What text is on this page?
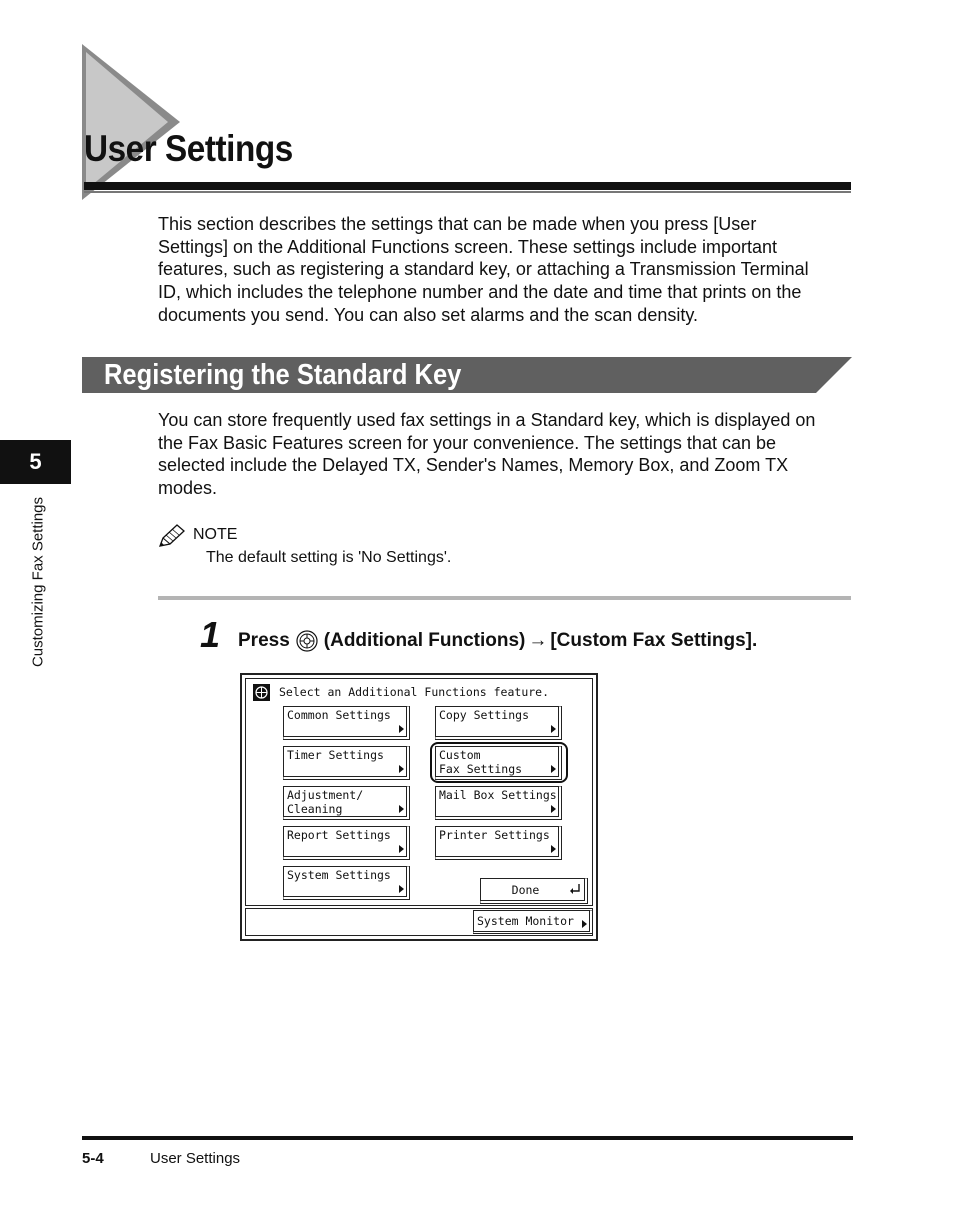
User Settings
This section describes the settings that can be made when you press [User
Settings] on the Additional Functions screen. These settings include important
features, such as registering a standard key, or attaching a Transmission Terminal
ID, which includes the telephone number and the date and time that prints on the
documents you send. You can also set alarms and the scan density.
Registering the Standard Key
You can store frequently used fax settings in a Standard key, which is displayed on
the Fax Basic Features screen for your convenience. The settings that can be
selected include the Delayed TX, Sender's Names, Memory Box, and Zoom TX
modes.
5
Customizing Fax Settings	NOTE
The default setting is 'No Settings'.
1 Press (Additional Functions) → [Custom Fax Settings].
Select an Additional Functions feature.
Common Settings	Copy Settings
Timer Settings	Custom
Fax Settings
Adjustment/
Cleaning
Mail Box Settings
Report Settings	Printer Settings
System Settings
Done
System Monitor
5-4	User Settings
